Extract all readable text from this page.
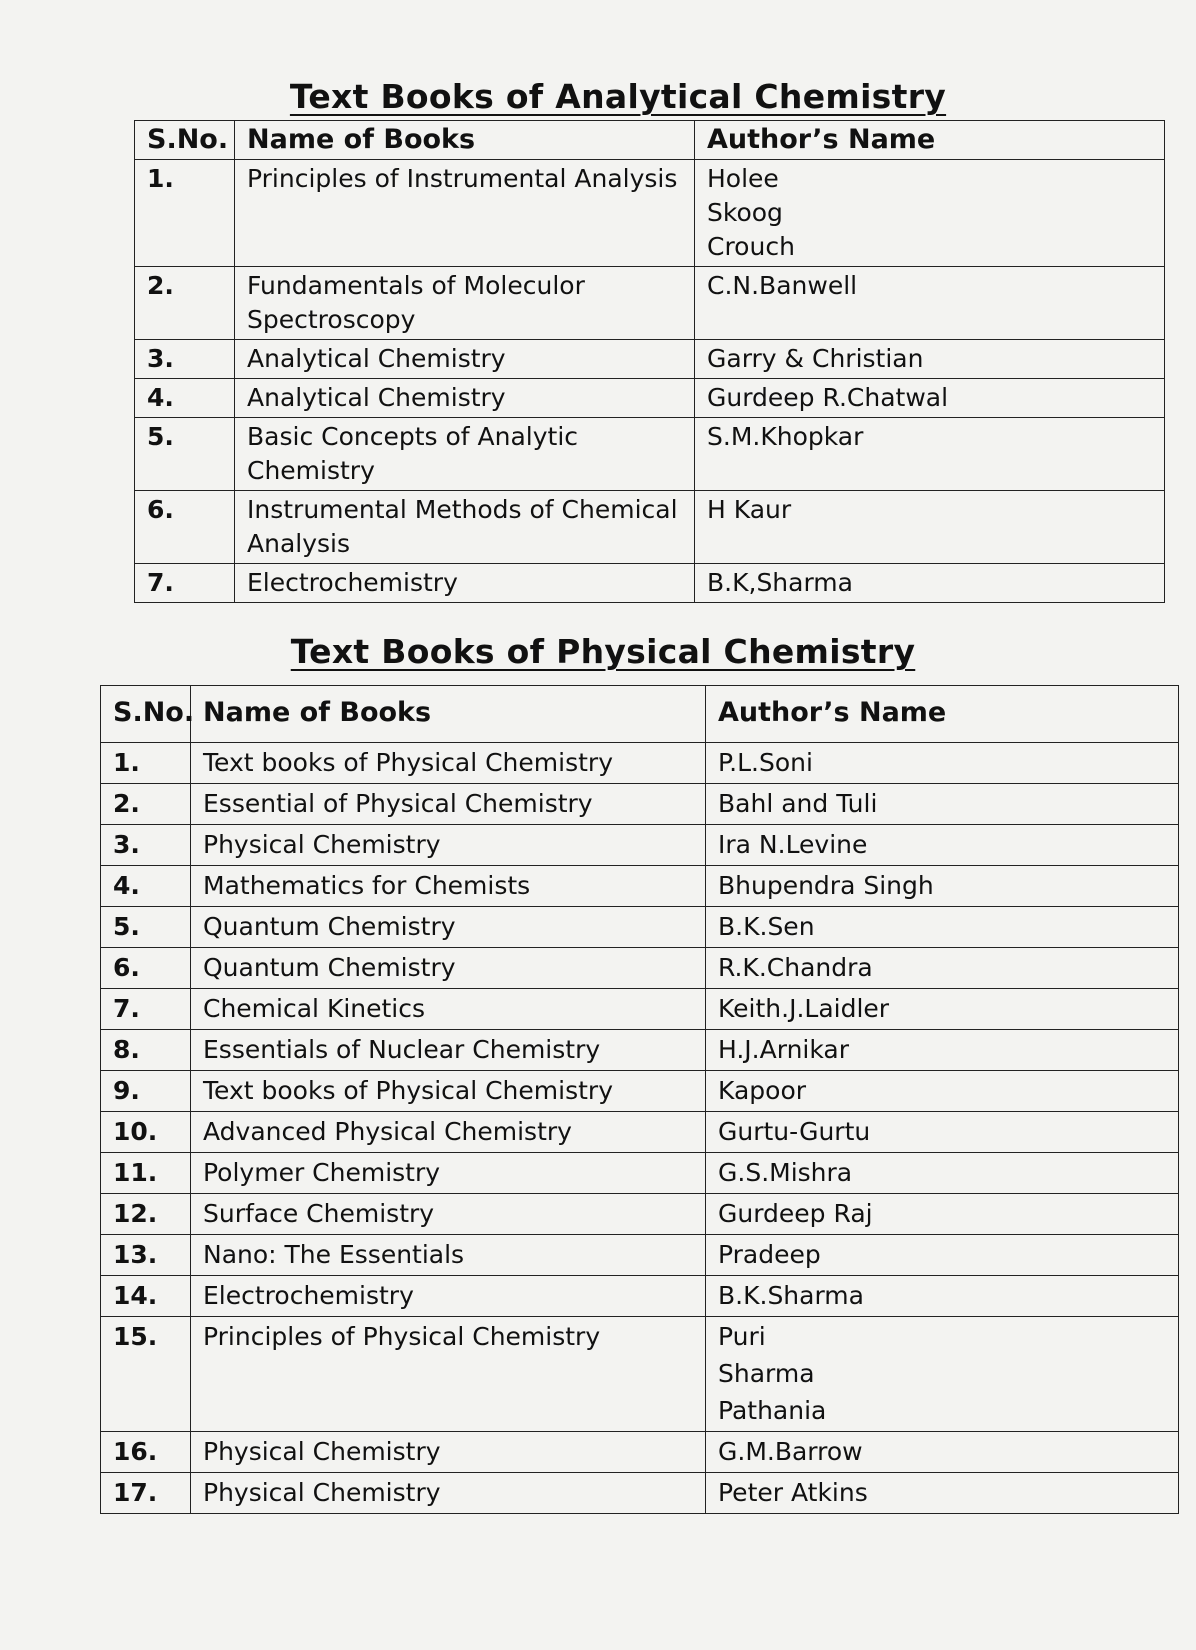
Text Books of Analytical Chemistry
S.No.	Name of Books	Author’s Name
1.	Principles of Instrumental Analysis	Holee
Skoog
Crouch

2.	Fundamentals of Moleculor Spectroscopy	C.N.Banwell

3.	Analytical Chemistry	Garry & Christian

4.	Analytical Chemistry	Gurdeep R.Chatwal

5.	Basic Concepts of Analytic Chemistry	S.M.Khopkar

6.	Instrumental Methods of Chemical Analysis	H Kaur

7.	Electrochemistry	B.K,Sharma
Text Books of Physical Chemistry
S.No.	Name of Books	Author’s Name
1.	Text books of Physical Chemistry	P.L.Soni

2.	Essential of Physical Chemistry	Bahl and Tuli

3.	Physical Chemistry	Ira N.Levine

4.	Mathematics for Chemists	Bhupendra Singh

5.	Quantum Chemistry	B.K.Sen

6.	Quantum Chemistry	R.K.Chandra

7.	Chemical Kinetics	Keith.J.Laidler

8.	Essentials of Nuclear Chemistry	H.J.Arnikar

9.	Text books of Physical Chemistry	Kapoor

10.	Advanced Physical Chemistry	Gurtu-Gurtu

11.	Polymer Chemistry	G.S.Mishra

12.	Surface Chemistry	Gurdeep Raj

13.	Nano: The Essentials	Pradeep

14.	Electrochemistry	B.K.Sharma

15.	Principles of Physical Chemistry	Puri
Sharma
Pathania

16.	Physical Chemistry	G.M.Barrow

17.	Physical Chemistry	Peter Atkins
